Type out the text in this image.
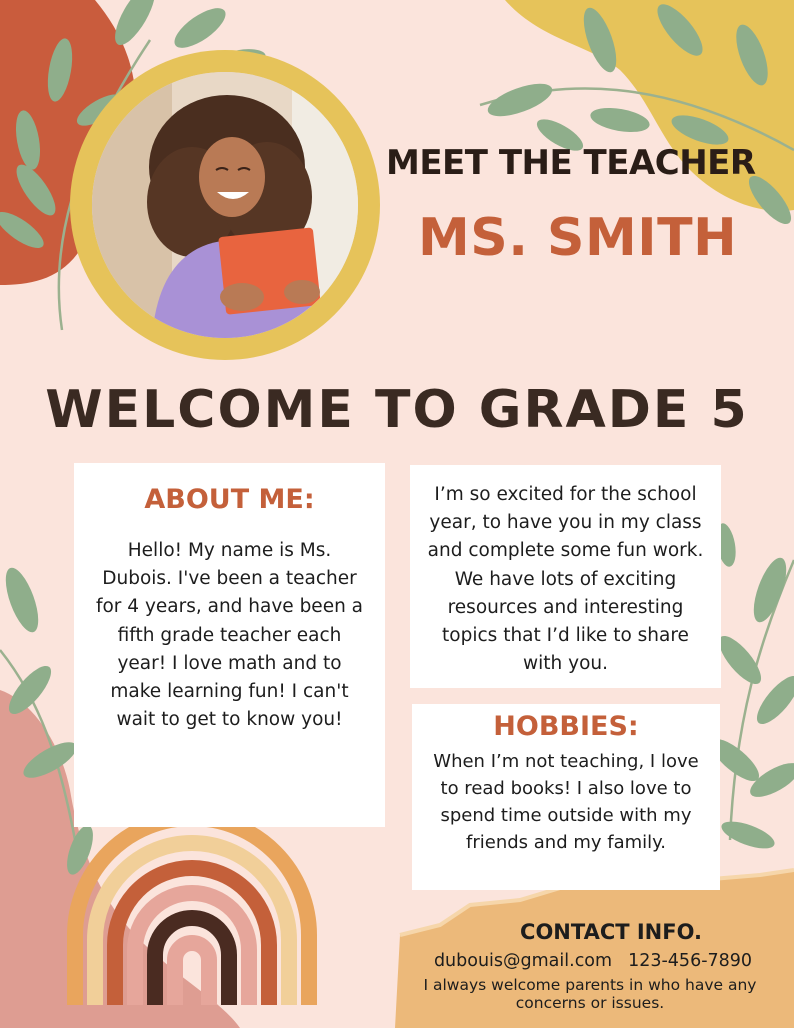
MEET THE TEACHER
MS. SMITH
WELCOME TO GRADE 5
ABOUT ME:
Hello! My name is Ms. Dubois. I've been a teacher for 4 years, and have been a fifth grade teacher each year! I love math and to make learning fun! I can't wait to get to know you!
I’m so excited for the school year, to have you in my class and complete some fun work. We have lots of exciting resources and interesting topics that I’d like to share with you.
HOBBIES:
When I’m not teaching, I love to read books! I also love to spend time outside with my friends and my family.
CONTACT INFO.
dubouis@gmail.com 123-456-7890
I always welcome parents in who have any concerns or issues.
